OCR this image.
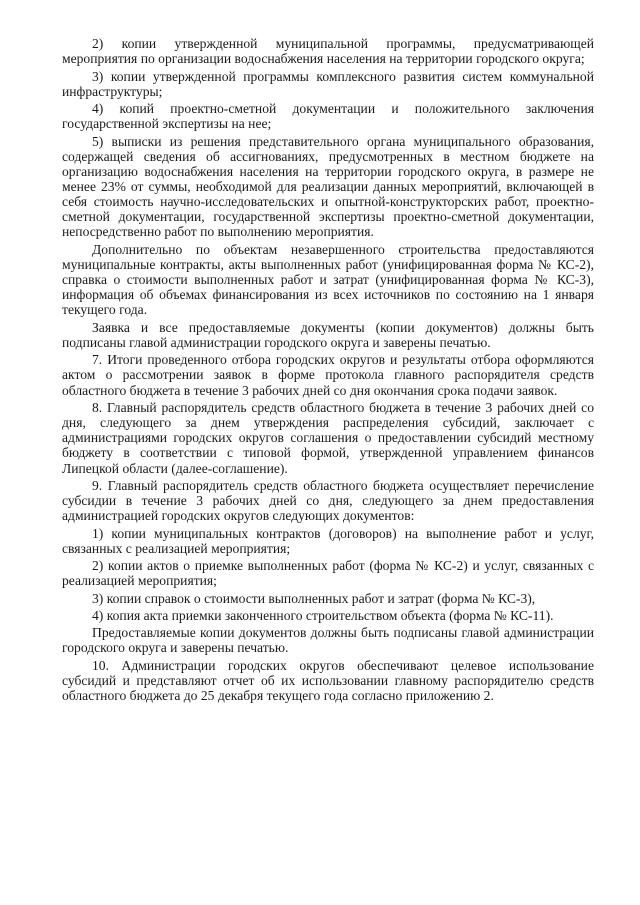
2) копии утвержденной муниципальной программы, предусматривающей мероприятия по организации водоснабжения населения на территории городского округа;

3) копии утвержденной программы комплексного развития систем коммунальной инфраструктуры;

4) копий проектно-сметной документации и положительного заключения государственной экспертизы на нее;

5) выписки из решения представительного органа муниципального образования, содержащей сведения об ассигнованиях, предусмотренных в местном бюджете на организацию водоснабжения населения на территории городского округа, в размере не менее 23% от суммы, необходимой для реализации данных мероприятий, включающей в себя стоимость научно-исследовательских и опытной-конструкторских работ, проектно-сметной документации, государственной экспертизы проектно-сметной документации, непосредственно работ по выполнению мероприятия.

Дополнительно по объектам незавершенного строительства предоставляются муниципальные контракты, акты выполненных работ (унифицированная форма № КС-2), справка о стоимости выполненных работ и затрат (унифицированная форма № КС-3), информация об объемах финансирования из всех источников по состоянию на 1 января текущего года.

Заявка и все предоставляемые документы (копии документов) должны быть подписаны главой администрации городского округа и заверены печатью.

7. Итоги проведенного отбора городских округов и результаты отбора оформляются актом о рассмотрении заявок в форме протокола главного распорядителя средств областного бюджета в течение 3 рабочих дней со дня окончания срока подачи заявок.

8. Главный распорядитель средств областного бюджета в течение 3 рабочих дней со дня, следующего за днем утверждения распределения субсидий, заключает с администрациями городских округов соглашения о предоставлении субсидий местному бюджету в соответствии с типовой формой, утвержденной управлением финансов Липецкой области (далее-соглашение).

9. Главный распорядитель средств областного бюджета осуществляет перечисление субсидии в течение 3 рабочих дней со дня, следующего за днем предоставления администрацией городских округов следующих документов:

1) копии муниципальных контрактов (договоров) на выполнение работ и услуг, связанных с реализацией мероприятия;

2) копии актов о приемке выполненных работ (форма № КС-2) и услуг, связанных с реализацией мероприятия;

3) копии справок о стоимости выполненных работ и затрат (форма № КС-3),

4) копия акта приемки законченного строительством объекта (форма № КС-11).

Предоставляемые копии документов должны быть подписаны главой администрации городского округа и заверены печатью.

10. Администрации городских округов обеспечивают целевое использование субсидий и представляют отчет об их использовании главному распорядителю средств областного бюджета до 25 декабря текущего года согласно приложению 2.
